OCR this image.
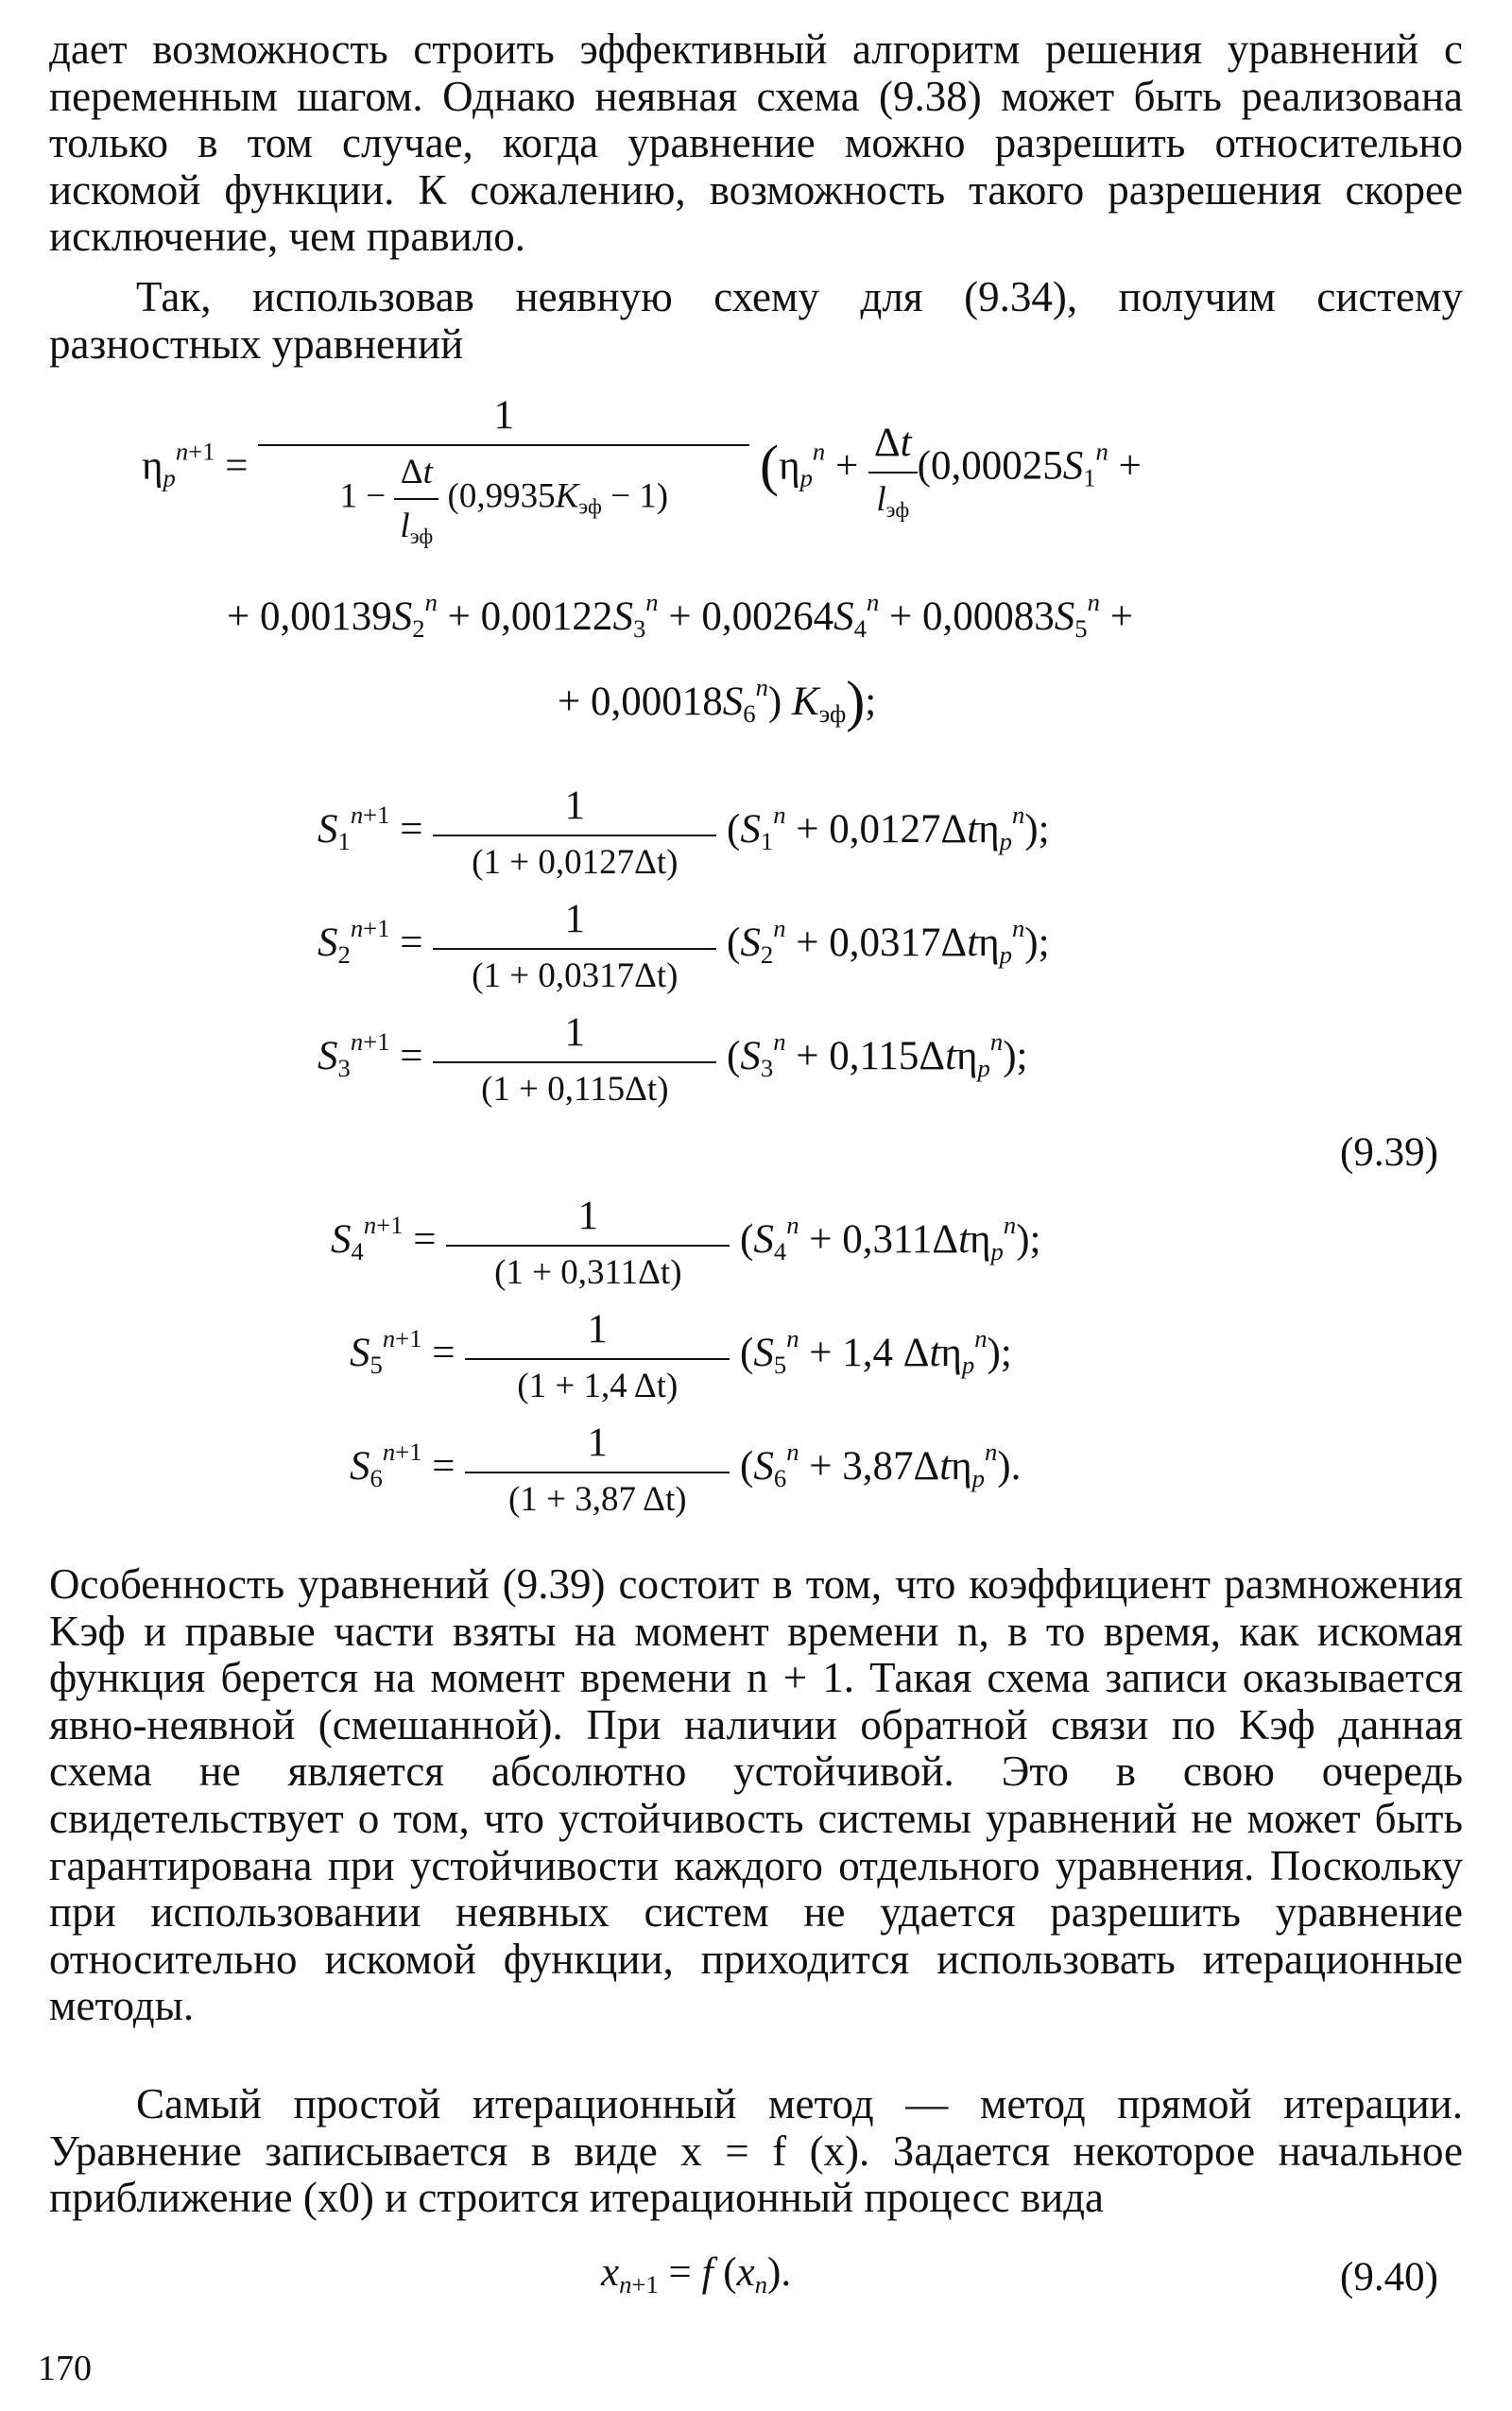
дает возможность строить эффективный алгоритм решения уравнений с переменным шагом. Однако неявная схема (9.38) может быть реализована только в том случае, когда уравнение можно разрешить относительно искомой функции. К сожалению, возможность такого разрешения скорее исключение, чем правило.

Так, использовав неявную схему для (9.34), получим систему разностных уравнений

$\eta_p^{n+1} = \frac{1}{1 - \frac{\Delta t}{l_{эф}} (0,9935K_{эф} - 1)} (\eta_p^n + \frac{\Delta t}{l_{эф}} (0,00025S_1^n$ +
+ $0,00139S_2^n + 0,00122S_3^n + 0,00264S_4^n + 0,00083S_5^n$ +
+ $0,00018S_6^n$) $K_{эф}$);
$S_1^{n+1} = \frac{1}{(1 + 0,0127\Delta t)} (S_1^n + 0,0127\Delta t\eta_p^n)$;
$S_2^{n+1} = \frac{1}{(1 + 0,0317\Delta t)} (S_2^n + 0,0317\Delta t\eta_p^n)$;
$S_3^{n+1} = \frac{1}{(1 + 0,115\Delta t)} (S_3^n + 0,115\Delta t\eta_p^n)$;
(9.39)
$S_4^{n+1} = \frac{1}{(1 + 0,311\Delta t)} (S_4^n + 0,311\Delta t\eta_p^n)$;
$S_5^{n+1} = \frac{1}{(1 + 1,4 \Delta t)} (S_5^n + 1,4$ Δtη$_p^n$);
$S_6^{n+1} = \frac{1}{(1 + 3,87 \Delta t)} (S_6^n + 3,87\Delta t\eta_p^n)$.

Особенность уравнений (9.39) состоит в том, что коэффициент размножения Kэф и правые части взяты на момент времени n, в то время, как искомая функция берется на момент времени n + 1. Такая схема записи оказывается явно-неявной (смешанной). При наличии обратной связи по Kэф данная схема не является абсолютно устойчивой. Это в свою очередь свидетельствует о том, что устойчивость системы уравнений не может быть гарантирована при устойчивости каждого отдельного уравнения. Поскольку при использовании неявных систем не удается разрешить уравнение относительно искомой функции, приходится использовать итерационные методы.

Самый простой итерационный метод — метод прямой итерации. Уравнение записывается в виде x = f (x). Задается некоторое начальное приближение (x0) и строится итерационный процесс вида

$x_{n+1} = f$ $(x_n)$.	(9.40)
170
